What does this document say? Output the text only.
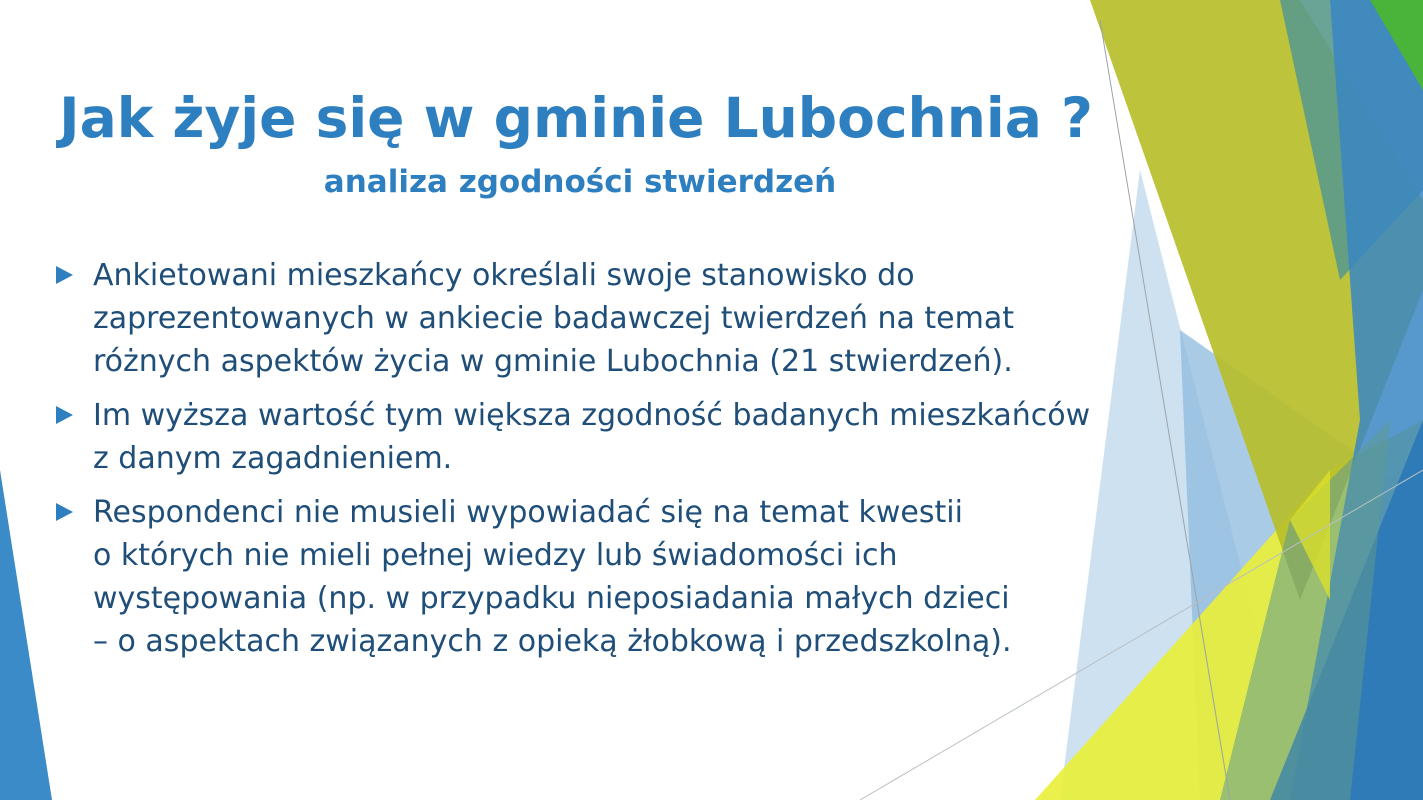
Jak żyje się w gminie Lubochnia ?
analiza zgodności stwierdzeń
Ankietowani mieszkańcy określali swoje stanowisko do
zaprezentowanych w ankiecie badawczej twierdzeń na temat
różnych aspektów życia w gminie Lubochnia (21 stwierdzeń).
Im wyższa wartość tym większa zgodność badanych mieszkańców
z danym zagadnieniem.
Respondenci nie musieli wypowiadać się na temat kwestii
o których nie mieli pełnej wiedzy lub świadomości ich
występowania (np. w przypadku nieposiadania małych dzieci
– o aspektach związanych z opieką żłobkową i przedszkolną).
